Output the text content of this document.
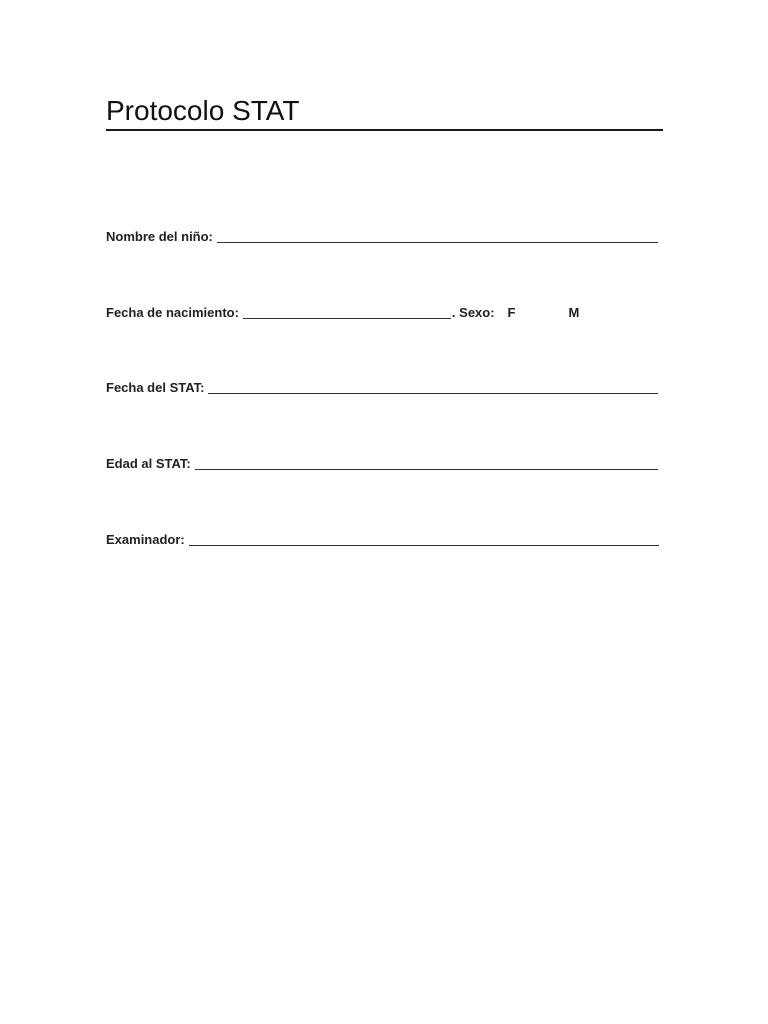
Protocolo STAT
Nombre del niño:
Fecha de nacimiento:	. Sexo: F	M
Fecha del STAT:
Edad al STAT:
Examinador:
